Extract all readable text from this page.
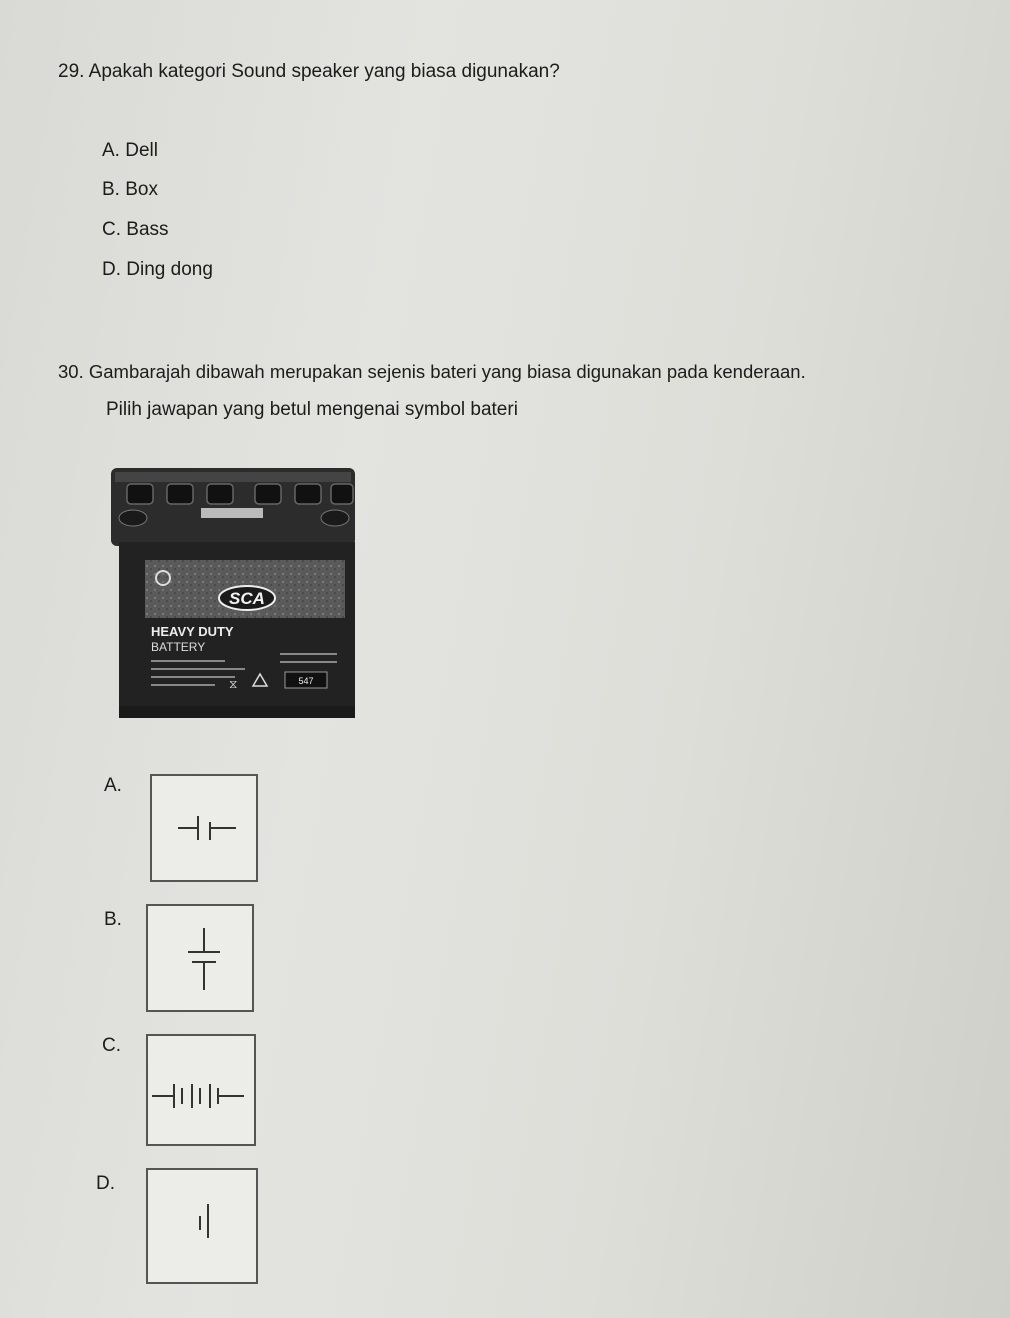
29. Apakah kategori Sound speaker yang biasa digunakan?
A. Dell
B. Box
C. Bass
D. Ding dong
30. Gambarajah dibawah merupakan sejenis bateri yang biasa digunakan pada kenderaan.
Pilih jawapan yang betul mengenai symbol bateri
SCA
HEAVY DUTY
BATTERY
547
⧖
A.
B.
C.
D.
